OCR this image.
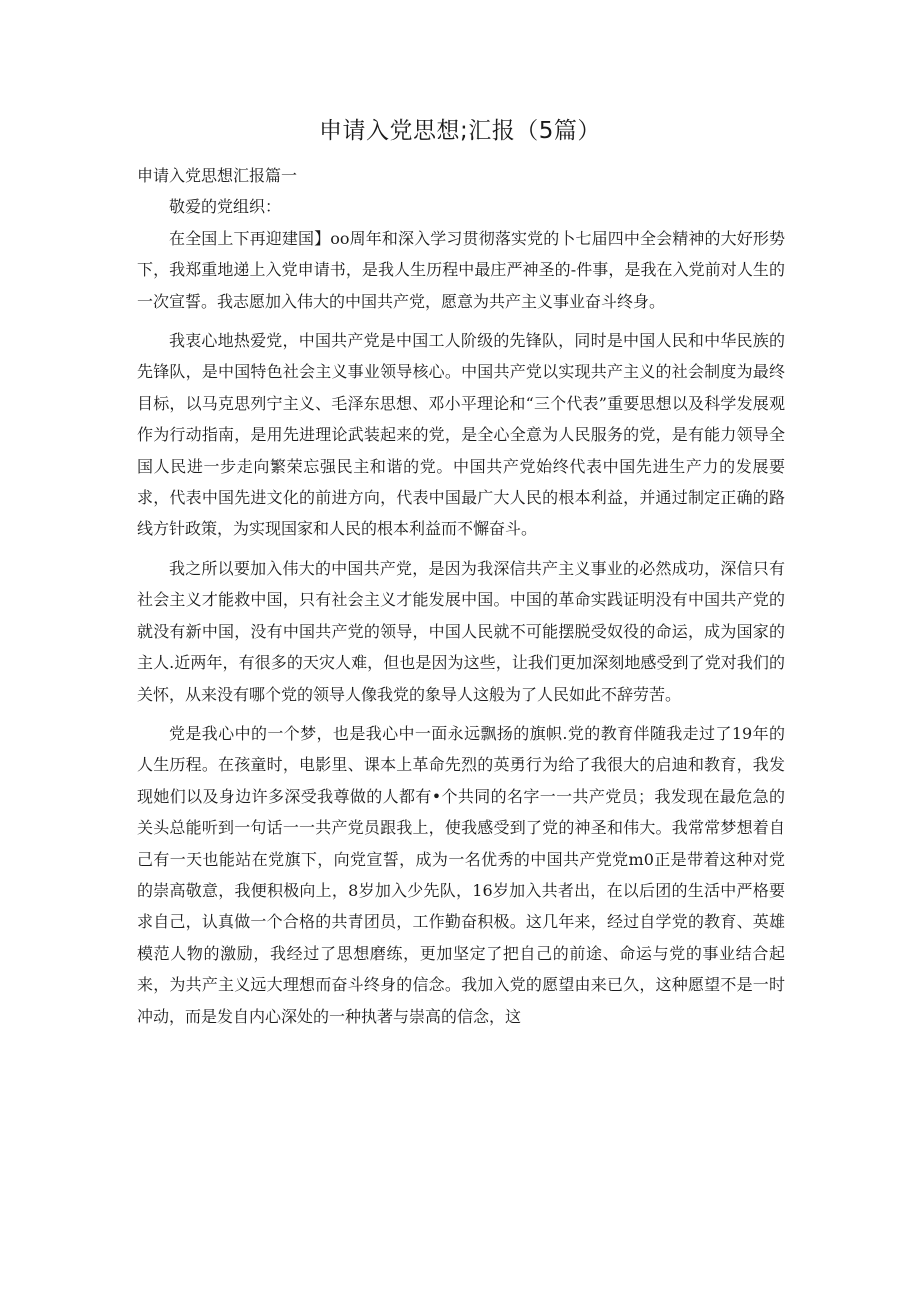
申请入党思想;汇报（5篇）

申请入党思想汇报篇一

敬爱的党组织：

在全国上下再迎建国】oo周年和深入学习贯彻落实党的卜七届四中全会精神的大好形势下，我郑重地递上入党申请书，是我人生历程中最庄严神圣的-件事，是我在入党前对人生的一次宣誓。我志愿加入伟大的中国共产党，愿意为共产主义事业奋斗终身。

我衷心地热爱党，中国共产党是中国工人阶级的先锋队，同时是中国人民和中华民族的先锋队，是中国特色社会主义事业领导核心。中国共产党以实现共产主义的社会制度为最终目标，以马克思列宁主义、毛泽东思想、邓小平理论和“三个代表”重要思想以及科学发展观作为行动指南，是用先进理论武装起来的党，是全心全意为人民服务的党，是有能力领导全国人民进一步走向繁荣忘强民主和谐的党。中国共产党始终代表中国先进生产力的发展要求，代表中国先进文化的前进方向，代表中国最广大人民的根本利益，并通过制定正确的路线方针政策，为实现国家和人民的根本利益而不懈奋斗。

我之所以要加入伟大的中国共产党，是因为我深信共产主义事业的必然成功，深信只有社会主义才能救中国，只有社会主义才能发展中国。中国的革命实践证明没有中国共产党的就没有新中国，没有中国共产党的领导，中国人民就不可能摆脱受奴役的命运，成为国家的主人.近两年，有很多的天灾人难，但也是因为这些，让我们更加深刻地感受到了党对我们的关怀，从来没有哪个党的领导人像我党的象导人这般为了人民如此不辞劳苦。

党是我心中的一个梦，也是我心中一面永远飘扬的旗帜.党的教育伴随我走过了19年的人生历程。在孩童时，电影里、课本上革命先烈的英勇行为给了我很大的启迪和教育，我发现她们以及身边许多深受我尊做的人都有•个共同的名字一一共产党员；我发现在最危急的关头总能听到一句话一一共产党员跟我上，使我感受到了党的神圣和伟大。我常常梦想着自己有一天也能站在党旗下，向党宣誓，成为一名优秀的中国共产党党m0正是带着这种对党的崇高敬意，我便积极向上，8岁加入少先队，16岁加入共者出，在以后团的生活中严格要求自己，认真做一个合格的共青团员，工作勤奋积极。这几年来，经过自学党的教育、英雄模范人物的激励，我经过了思想磨练，更加坚定了把自己的前途、命运与党的事业结合起来，为共产主义远大理想而奋斗终身的信念。我加入党的愿望由来已久，这种愿望不是一时冲动，而是发自内心深处的一种执著与崇高的信念，这
